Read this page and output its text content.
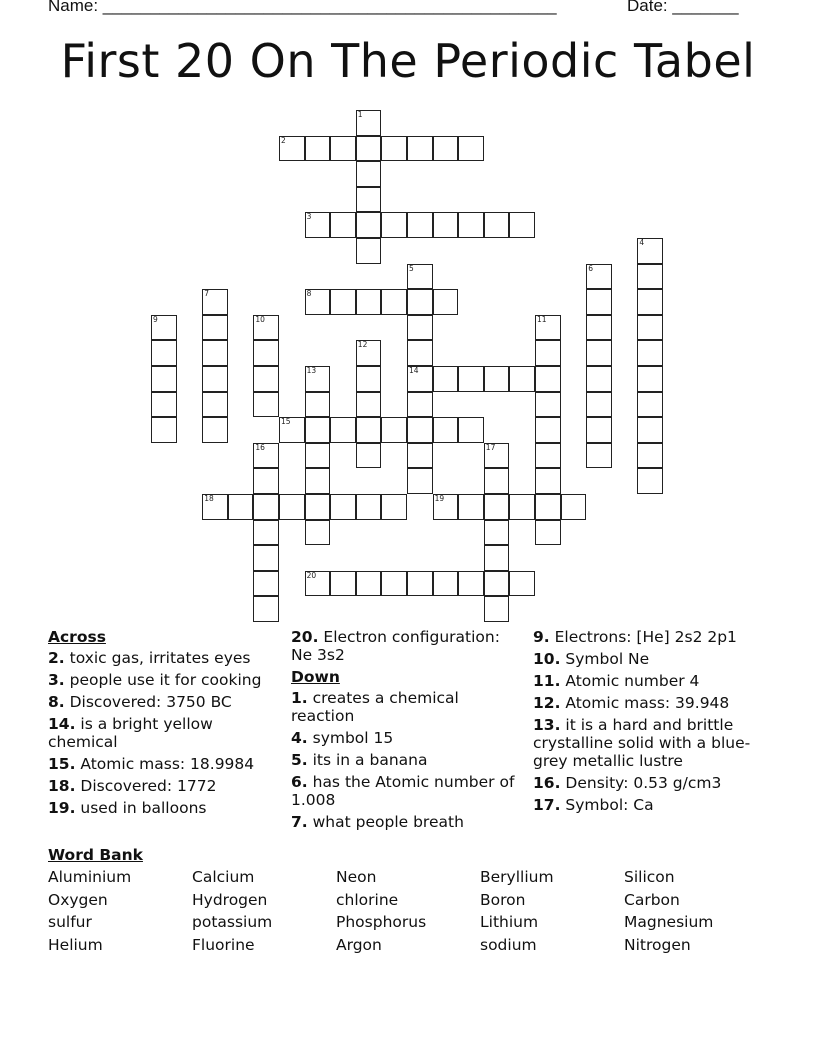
Name: ________________________________________________	Date: _______
First 20 On The Periodic Tabel
1
2
3
4
5
14
6
7	8
9	10	11
12
13
15
16	17
18	19
20
Across
2. toxic gas, irritates eyes
3. people use it for cooking
8. Discovered: 3750 BC
14. is a bright yellow chemical
15. Atomic mass: 18.9984
18. Discovered: 1772
19. used in balloons
20. Electron configuration: Ne 3s2
Down
1. creates a chemical reaction
4. symbol 15
5. its in a banana
6. has the Atomic number of 1.008
7. what people breath
9. Electrons: [He] 2s2 2p1
10. Symbol Ne
11. Atomic number 4
12. Atomic mass: 39.948
13. it is a hard and brittle crystalline solid with a blue-grey metallic lustre
16. Density: 0.53 g/cm3
17. Symbol: Ca
Word Bank
Aluminium	Calcium	Neon	Beryllium	Silicon
Oxygen	Hydrogen	chlorine	Boron	Carbon
sulfur	potassium	Phosphorus	Lithium	Magnesium
Helium	Fluorine	Argon	sodium	Nitrogen
